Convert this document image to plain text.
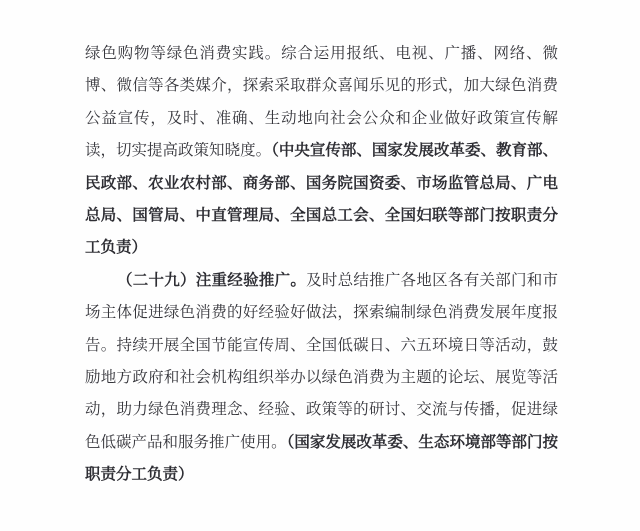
绿色购物等绿色消费实践。综合运用报纸、电视、广播、网络、微博、微信等各类媒介，探索采取群众喜闻乐见的形式，加大绿色消费公益宣传，及时、准确、生动地向社会公众和企业做好政策宣传解读，切实提高政策知晓度。（中央宣传部、国家发展改革委、教育部、民政部、农业农村部、商务部、国务院国资委、市场监管总局、广电总局、国管局、中直管理局、全国总工会、全国妇联等部门按职责分工负责）

（二十九）注重经验推广。及时总结推广各地区各有关部门和市场主体促进绿色消费的好经验好做法，探索编制绿色消费发展年度报告。持续开展全国节能宣传周、全国低碳日、六五环境日等活动，鼓励地方政府和社会机构组织举办以绿色消费为主题的论坛、展览等活动，助力绿色消费理念、经验、政策等的研讨、交流与传播，促进绿色低碳产品和服务推广使用。（国家发展改革委、生态环境部等部门按职责分工负责）
